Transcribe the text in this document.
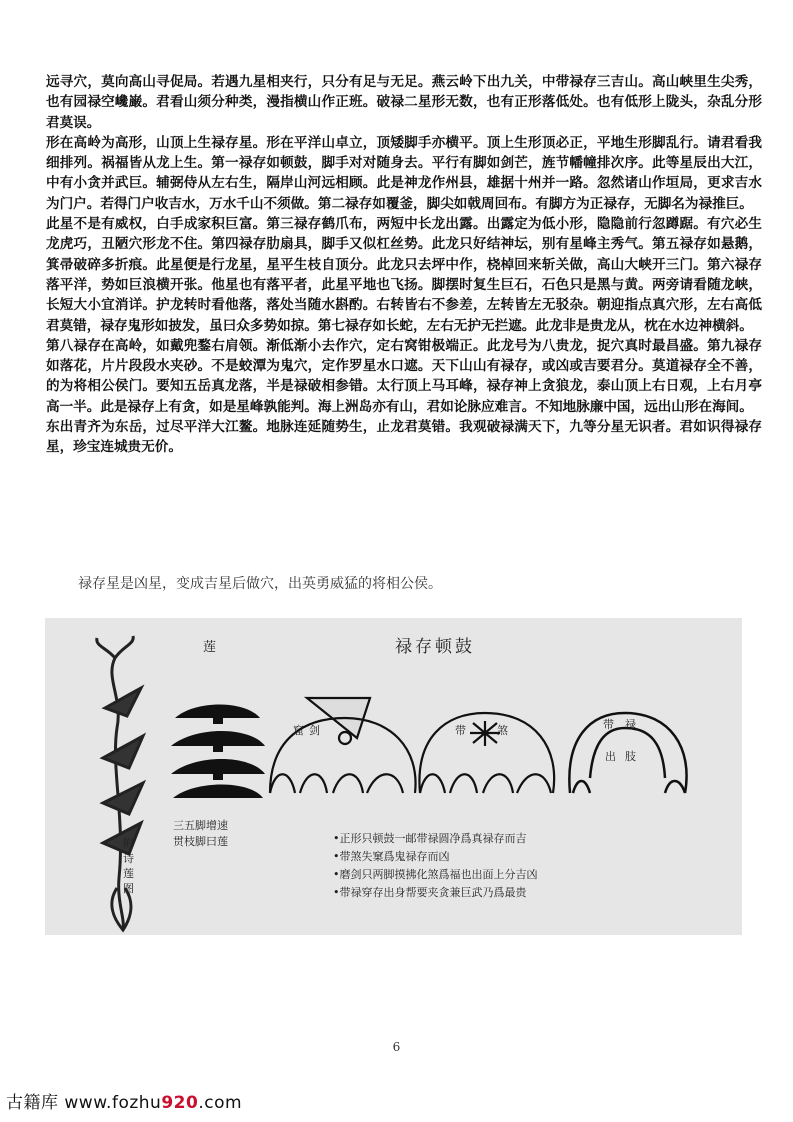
远寻穴，莫向高山寻促局。若遇九星相夹行，只分有足与无足。燕云岭下出九关，中带禄存三吉山。高山峡里生尖秀，也有园禄空巉巌。君看山须分种类，漫指横山作正班。破禄二星形无数，也有正形落低处。也有低形上陇头，杂乱分形君莫误。

形在高岭为高形，山顶上生禄存星。形在平洋山卓立，顶矮脚手亦横平。顶上生形顶必正，平地生形脚乱行。请君看我细排列。祸福皆从龙上生。第一禄存如顿鼓，脚手对对随身去。平行有脚如剑芒，旌节幡幢排次序。此等星辰出大江，中有小贪并武巨。辅弼侍从左右生，隔岸山河远相顾。此是神龙作州县，雄据十州并一路。忽然诸山作垣局，更求吉水为门户。若得门户收吉水，万水千山不须做。第二禄存如覆釜，脚尖如戟周回布。有脚方为正禄存，无脚名为禄推巨。

此星不是有威权，白手成家积巨富。第三禄存鹤爪布，两短中长龙出露。出露定为低小形，隐隐前行忽蹲踞。有穴必生龙虎巧，丑陋穴形龙不住。第四禄存肋扇具，脚手又似杠丝势。此龙只好结神坛，别有星峰主秀气。第五禄存如悬鹅，箕帚破碎多折痕。此星便是行龙星，星平生枝自顶分。此龙只去坪中作，桡棹回来斩关做，高山大峡开三门。第六禄存落平洋，势如巨浪横开张。他星也有落平者，此星平地也飞扬。脚摆时复生巨石，石色只是黑与黄。两旁请看随龙峡，长短大小宜消详。护龙转时看他落，落处当随水斟酌。右转皆右不参差，左转皆左无驳杂。朝迎指点真穴形，左右高低君莫错，禄存鬼形如披发，虽曰众多势如掠。第七禄存如长蛇，左右无护无拦遮。此龙非是贵龙从，枕在水边神横斜。

第八禄存在高岭，如戴兜鍪右肩领。渐低渐小去作穴，定右窝钳极端正。此龙号为八贵龙，捉穴真时最昌盛。第九禄存如落花，片片段段水夹砂。不是蛟潭为鬼穴，定作罗星水口遮。天下山山有禄存，或凶或吉要君分。莫道禄存全不善，的为将相公侯门。要知五岳真龙落，半是禄破相参错。太行顶上马耳峰，禄存神上贪狼龙，泰山顶上右日观，上右月亭高一半。此是禄存上有贪，如是星峰孰能判。海上洲岛亦有山，君如论脉应难言。不知地脉廉中国，远出山形在海间。

东出青齐为东岳，过尽平洋大江鳌。地脉连延随势生，止龙君莫错。我观破禄满天下，九等分星无识者。君如识得禄存星，珍宝连城贵无价。

禄存星是凶星，变成吉星后做穴，出英勇威猛的将相公侯。
莲	禄存顿鼓
窟 剑	带	煞	带 禄
出 肢
附诗莲图
三五脚增速
贯枝脚曰莲	•正形只顿鼓一邮带禄圆净爲真禄存而吉
•带煞失窠爲鬼禄存而凶
•磨剑只两脚摸拂化煞爲福也出面上分吉凶
•带禄穿存出身帮要夹贪兼巨武乃爲最贵
6
古籍库 www.fozhu920.com
